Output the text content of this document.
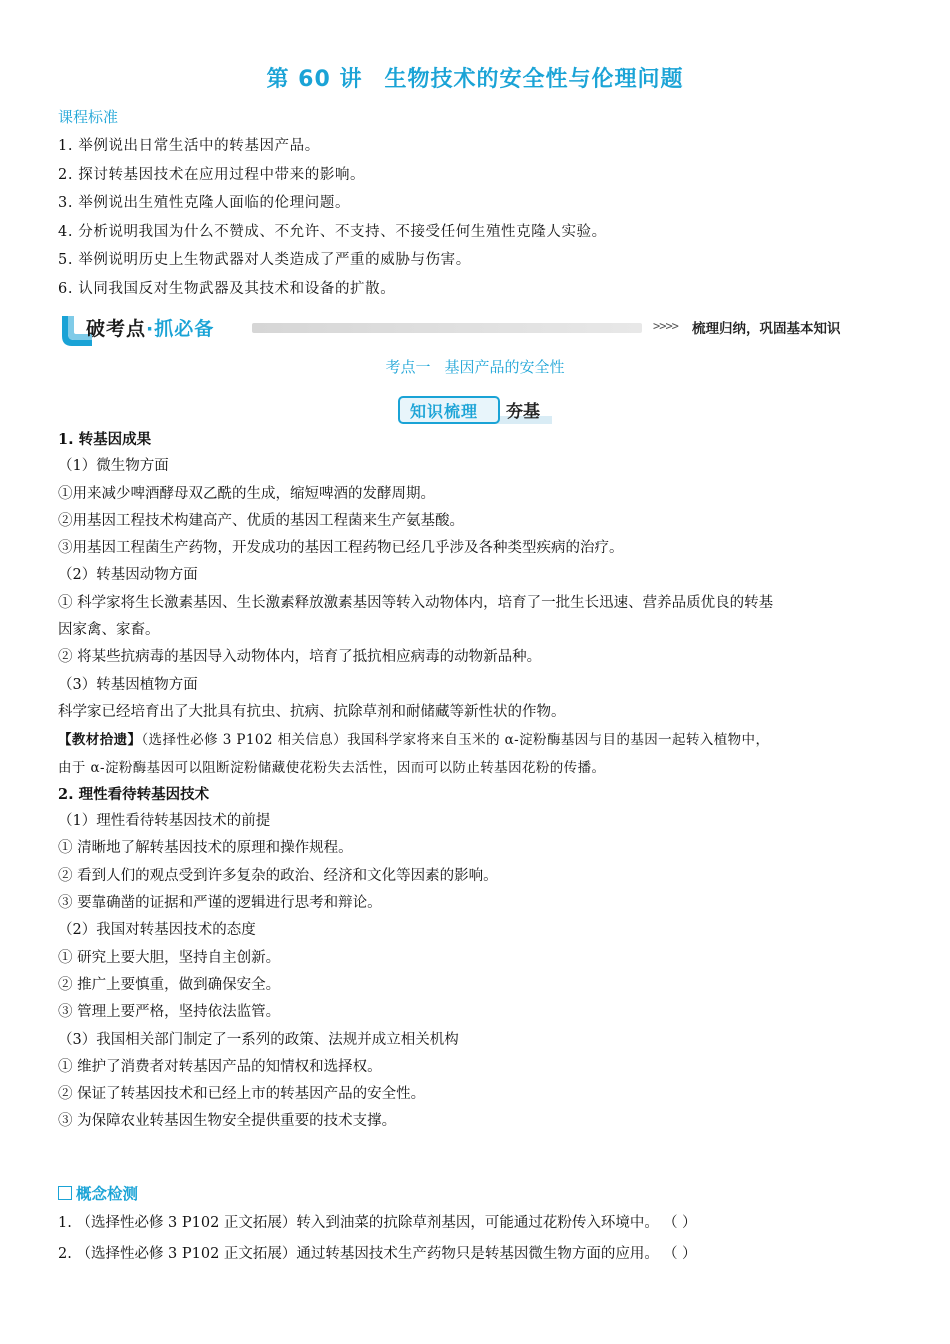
第 60 讲 生物技术的安全性与伦理问题
课程标准
1. 举例说出日常生活中的转基因产品。
2. 探讨转基因技术在应用过程中带来的影响。
3. 举例说出生殖性克隆人面临的伦理问题。
4. 分析说明我国为什么不赞成、不允许、不支持、不接受任何生殖性克隆人实验。
5. 举例说明历史上生物武器对人类造成了严重的威胁与伤害。
6. 认同我国反对生物武器及其技术和设备的扩散。
破考点·抓必备	>>>> 梳理归纳，巩固基本知识
考点一 基因产品的安全性
知识梳理 夯基
1. 转基因成果
（1）微生物方面
①用来减少啤酒酵母双乙酰的生成，缩短啤酒的发酵周期。
②用基因工程技术构建高产、优质的基因工程菌来生产氨基酸。
③用基因工程菌生产药物，开发成功的基因工程药物已经几乎涉及各种类型疾病的治疗。
（2）转基因动物方面
① 科学家将生长激素基因、生长激素释放激素基因等转入动物体内，培育了一批生长迅速、营养品质优良的转基
因家禽、家畜。
② 将某些抗病毒的基因导入动物体内，培育了抵抗相应病毒的动物新品种。
（3）转基因植物方面
科学家已经培育出了大批具有抗虫、抗病、抗除草剂和耐储藏等新性状的作物。
【教材拾遗】（选择性必修 3 P102 相关信息）我国科学家将来自玉米的 α-淀粉酶基因与目的基因一起转入植物中，
由于 α-淀粉酶基因可以阻断淀粉储藏使花粉失去活性，因而可以防止转基因花粉的传播。
2. 理性看待转基因技术
（1）理性看待转基因技术的前提
① 清晰地了解转基因技术的原理和操作规程。
② 看到人们的观点受到许多复杂的政治、经济和文化等因素的影响。
③ 要靠确凿的证据和严谨的逻辑进行思考和辩论。
（2）我国对转基因技术的态度
① 研究上要大胆，坚持自主创新。
② 推广上要慎重，做到确保安全。
③ 管理上要严格，坚持依法监管。
（3）我国相关部门制定了一系列的政策、法规并成立相关机构
① 维护了消费者对转基因产品的知情权和选择权。
② 保证了转基因技术和已经上市的转基因产品的安全性。
③ 为保障农业转基因生物安全提供重要的技术支撑。
概念检测
1. （选择性必修 3 P102 正文拓展）转入到油菜的抗除草剂基因，可能通过花粉传入环境中。 （ ）
2. （选择性必修 3 P102 正文拓展）通过转基因技术生产药物只是转基因微生物方面的应用。 （ ）
